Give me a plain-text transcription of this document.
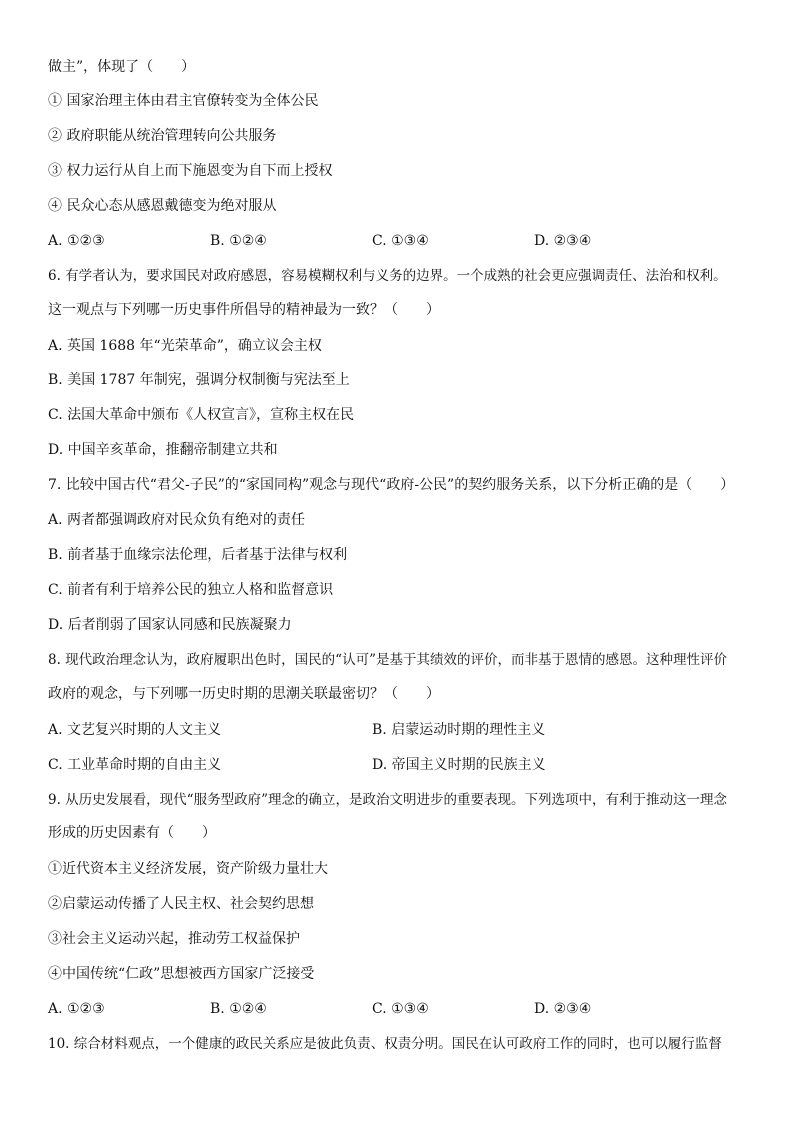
做主”，体现了（　　）
① 国家治理主体由君主官僚转变为全体公民
② 政府职能从统治管理转向公共服务
③ 权力运行从自上而下施恩变为自下而上授权
④ 民众心态从感恩戴德变为绝对服从
A. ①②③	B. ①②④	C. ①③④	D. ②③④
6. 有学者认为，要求国民对政府感恩，容易模糊权利与义务的边界。一个成熟的社会更应强调责任、法治和权利。
这一观点与下列哪一历史事件所倡导的精神最为一致？（　　）
A. 英国 1688 年“光荣革命”，确立议会主权
B. 美国 1787 年制宪，强调分权制衡与宪法至上
C. 法国大革命中颁布《人权宣言》，宣称主权在民
D. 中国辛亥革命，推翻帝制建立共和
7. 比较中国古代“君父-子民”的“家国同构”观念与现代“政府-公民”的契约服务关系，以下分析正确的是（　　）
A. 两者都强调政府对民众负有绝对的责任
B. 前者基于血缘宗法伦理，后者基于法律与权利
C. 前者有利于培养公民的独立人格和监督意识
D. 后者削弱了国家认同感和民族凝聚力
8. 现代政治理念认为，政府履职出色时，国民的“认可”是基于其绩效的评价，而非基于恩情的感恩。这种理性评价
政府的观念，与下列哪一历史时期的思潮关联最密切？（　　）
A. 文艺复兴时期的人文主义	B. 启蒙运动时期的理性主义
C. 工业革命时期的自由主义	D. 帝国主义时期的民族主义
9. 从历史发展看，现代“服务型政府”理念的确立，是政治文明进步的重要表现。下列选项中，有利于推动这一理念
形成的历史因素有（　　）
①近代资本主义经济发展，资产阶级力量壮大
②启蒙运动传播了人民主权、社会契约思想
③社会主义运动兴起，推动劳工权益保护
④中国传统“仁政”思想被西方国家广泛接受
A. ①②③	B. ①②④	C. ①③④	D. ②③④
10. 综合材料观点，一个健康的政民关系应是彼此负责、权责分明。国民在认可政府工作的同时，也可以履行监督
